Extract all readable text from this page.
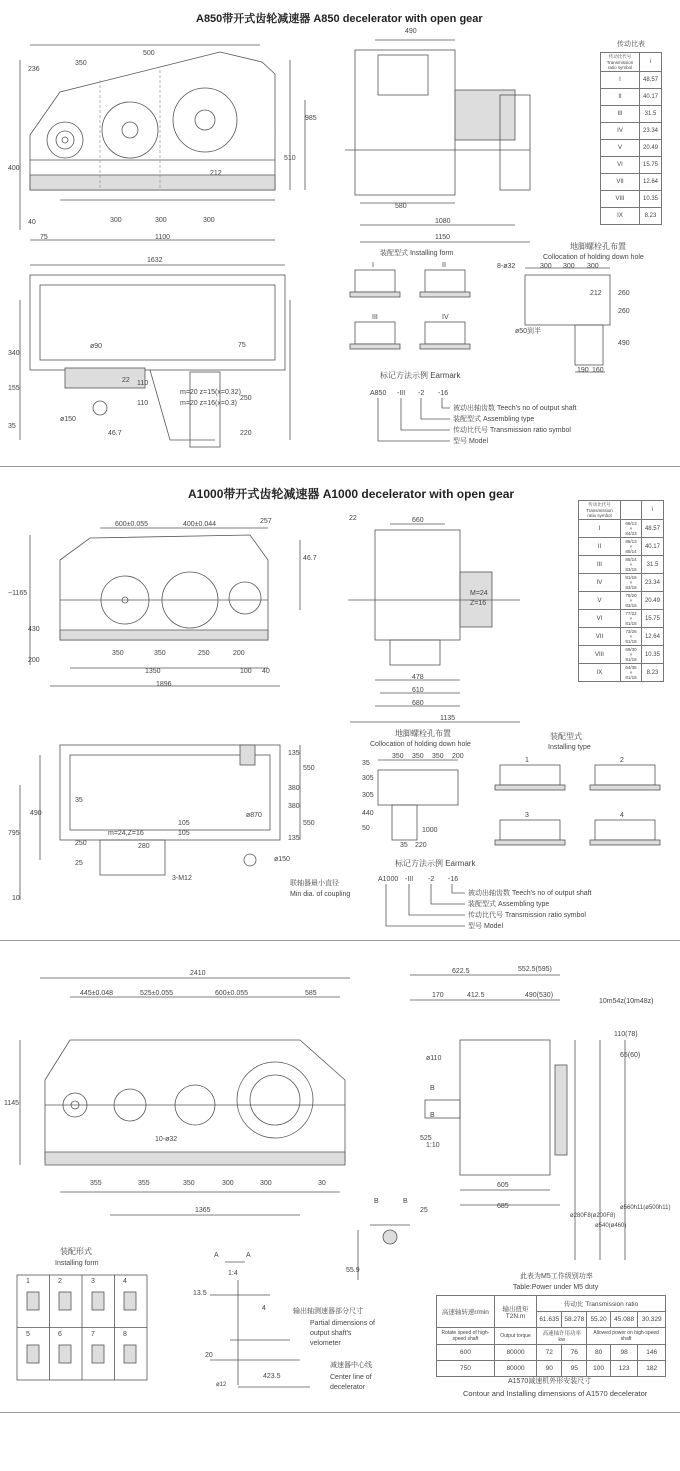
A850带开式齿轮减速器 A850 decelerator with open gear
236
350
500
400
40
75
300	300	300
1100
212
985
510
490
580
1080
1150
传动比表	
传动比代号 Transmission ratio symbol	i
I	48.57
II	40.17
III	31.5
IV	23.34
V	20.49
VI	15.75
VII	12.64
VIII	10.35
IX	8.23
1632
340
155
35
ø90
22
75
ø150
46.7
110
110
250
220
m=20 z=15(x=0.32)
m=20 z=16(x=0.3)
装配型式 Installing form
I	II
III	IV
地脚螺栓孔布置
Collocation of holding down hole
8-ø32	300 300 300
212 260
260
490
ø50到半
190 160
标记方法示例 Earmark
A850 -III -2 -16
被动出轴齿数 Teech's no of output shaft
装配型式 Assembling type
传动比代号 Transmission ratio symbol
型号 Model
A1000带开式齿轮减速器 A1000 decelerator with open gear
600±0.055	400±0.044	257	22
~1165
430
200
350	350	250	200
100 40
1350
1896
46.7
660
M=24
Z=16
478
610
680
1135
传动比代号 Transmission ratio symbol		i
I	69/13 × 84/23	48.57
II	86/13 × 85/14	40.17
III	85/14 × 83/16	31.5
IV	81/16 × 83/18	23.34
V	79/20 × 83/16	20.49
VI	77/22 × 81/18	15.75
VII	73/26 × 81/18	12.64
VIII	69/30 × 81/18	10.35
IX	64/35 × 81/18	8.23
135
550
380
380
550
135
490
795
250	280
25
10
ø150
35
105
105
3-M12
ø870
m=24,Z=16
联轴器最小直径
Min dia. of coupling
地脚螺栓孔布置
Collocation of holding down hole
350 350 350 200
35
305
305
440
50
35 220
1000
装配型式
Installing type
1	2
3	4
标记方法示例 Earmark
A1000 -III -2 -16
被动出轴齿数 Teech's no of output shaft
装配型式 Assembling type
传动比代号 Transmission ratio symbol
型号 Model
2410
445±0.048	525±0.055	600±0.055	585
1145
10-ø32
355	355	350	300	300	30
1365
622.5	552.5(595)
170	412.5	490(530)
10m54z(10m48z)
110(78)
65(60)
ø110
525
1:10
605
685
ø280F8(ø200F8)
ø540(ø460)
ø560h11(ø500h11)
B
B
B	B
25
55.9
装配形式
Installing form
1	2	3	4
5	6	7	8
A	A
1:4
13.5
4
20
ø12
423.5
输出轴测速器部分尺寸
Partial dimensions of
output shaft's
velometer
减速器中心线
Center line of
decelerator
此表为M5工作级别功率
Table:Power under M5 duty
高速轴转速r/min	输出扭矩 T2N.m	传动比 Transmission ratio				
		61.635	58.278	55.20	45.088	30.329
Rotate speed of high-speed shaft	Output torque	高速轴许用功率kw		Allowed power on high-speed shaft		
600	80000	72	76	80	98	146
750	80000	90	95	100	123	182
A1570减速机外形安装尺寸
Contour and Installing dimensions of A1570 decelerator
